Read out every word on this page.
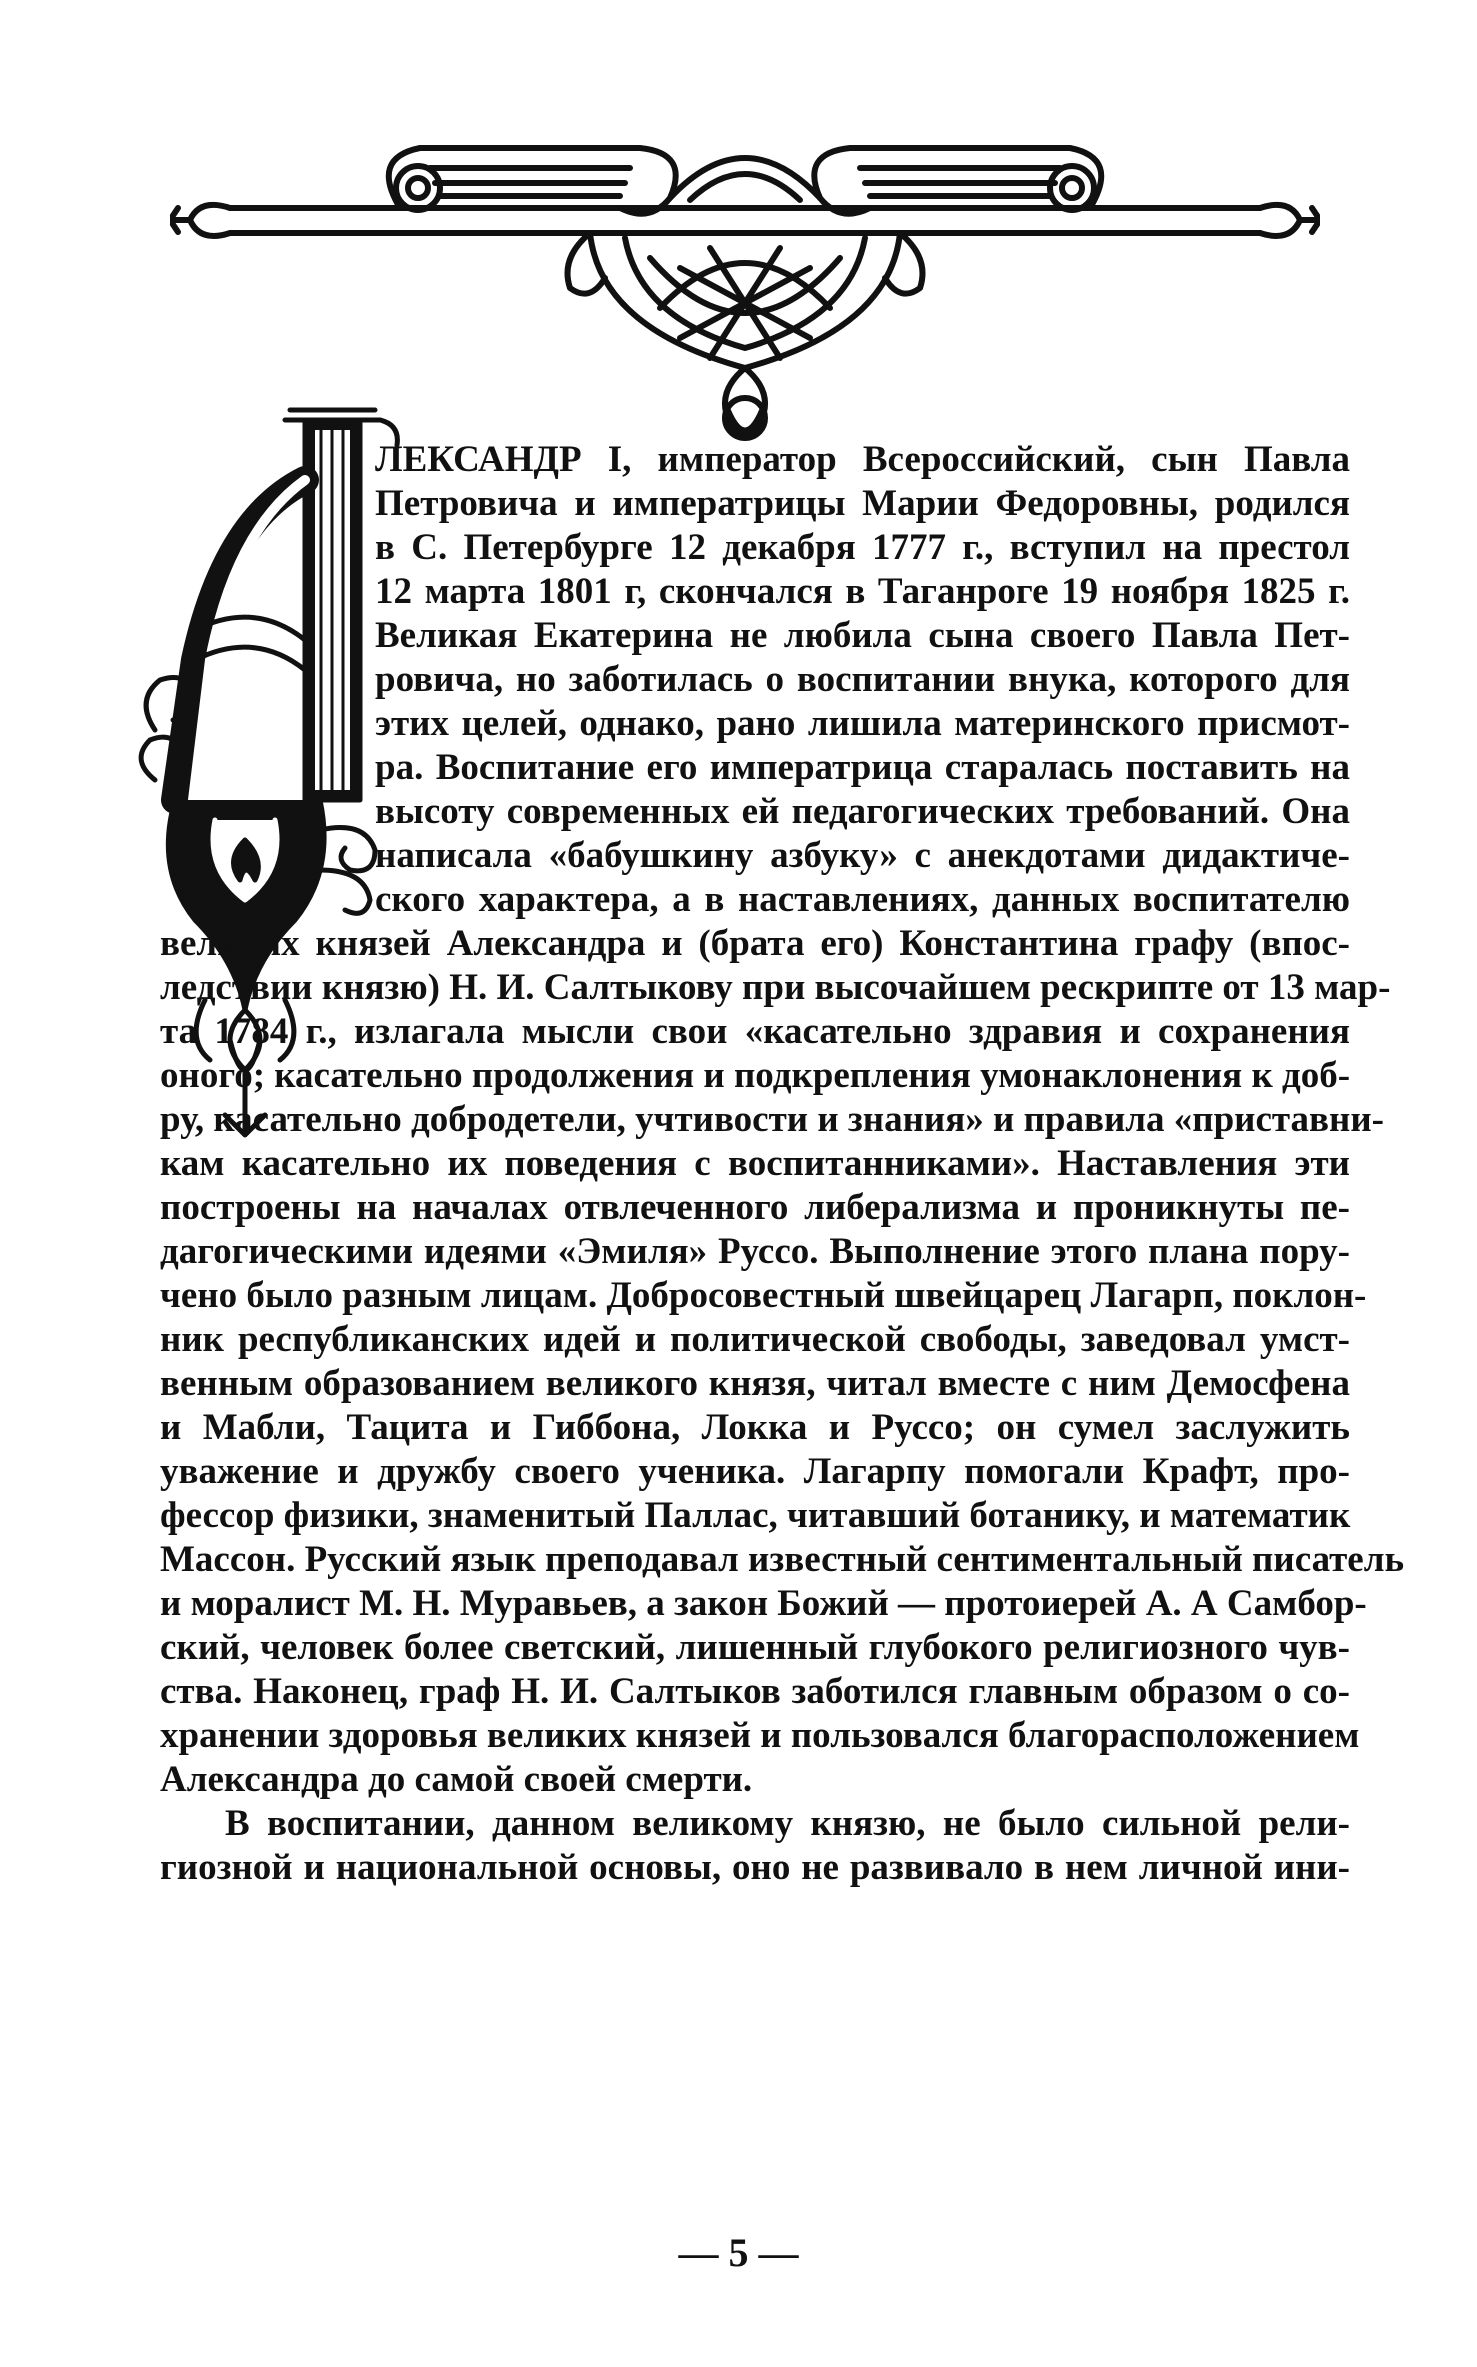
ЛЕКСАНДР I, император Всероссийский, сын Павла

Петровича и императрицы Марии Федоровны, родился

в С. Петербурге 12 декабря 1777 г., вступил на престол

12 марта 1801 г, скончался в Таганроге 19 ноября 1825 г.

Великая Екатерина не любила сына своего Павла Пет-

ровича, но заботилась о воспитании внука, которого для

этих целей, однако, рано лишила материнского присмот-

ра. Воспитание его императрица старалась поставить на

высоту современных ей педагогических требований. Она

написала «бабушкину азбуку» с анекдотами дидактиче-

ского характера, а в наставлениях, данных воспитателю

великих князей Александра и (брата его) Константина графу (впос-

ледствии князю) Н. И. Салтыкову при высочайшем рескрипте от 13 мар-

та 1784 г., излагала мысли свои «касательно здравия и сохранения

оного; касательно продолжения и подкрепления умонаклонения к доб-

ру, касательно добродетели, учтивости и знания» и правила «приставни-

кам касательно их поведения с воспитанниками». Наставления эти

построены на началах отвлеченного либерализма и проникнуты пе-

дагогическими идеями «Эмиля» Руссо. Выполнение этого плана пору-

чено было разным лицам. Добросовестный швейцарец Лагарп, поклон-

ник республиканских идей и политической свободы, заведовал умст-

венным образованием великого князя, читал вместе с ним Демосфена

и Мабли, Тацита и Гиббона, Локка и Руссо; он сумел заслужить

уважение и дружбу своего ученика. Лагарпу помогали Крафт, про-

фессор физики, знаменитый Паллас, читавший ботанику, и математик

Массон. Русский язык преподавал известный сентиментальный писатель

и моралист М. Н. Муравьев, а закон Божий — протоиерей А. А Самбор-

ский, человек более светский, лишенный глубокого религиозного чув-

ства. Наконец, граф Н. И. Салтыков заботился главным образом о со-

хранении здоровья великих князей и пользовался благорасположением

Александра до самой своей смерти.

В воспитании, данном великому князю, не было сильной рели-

гиозной и национальной основы, оно не развивало в нем личной ини-

— 5 —
